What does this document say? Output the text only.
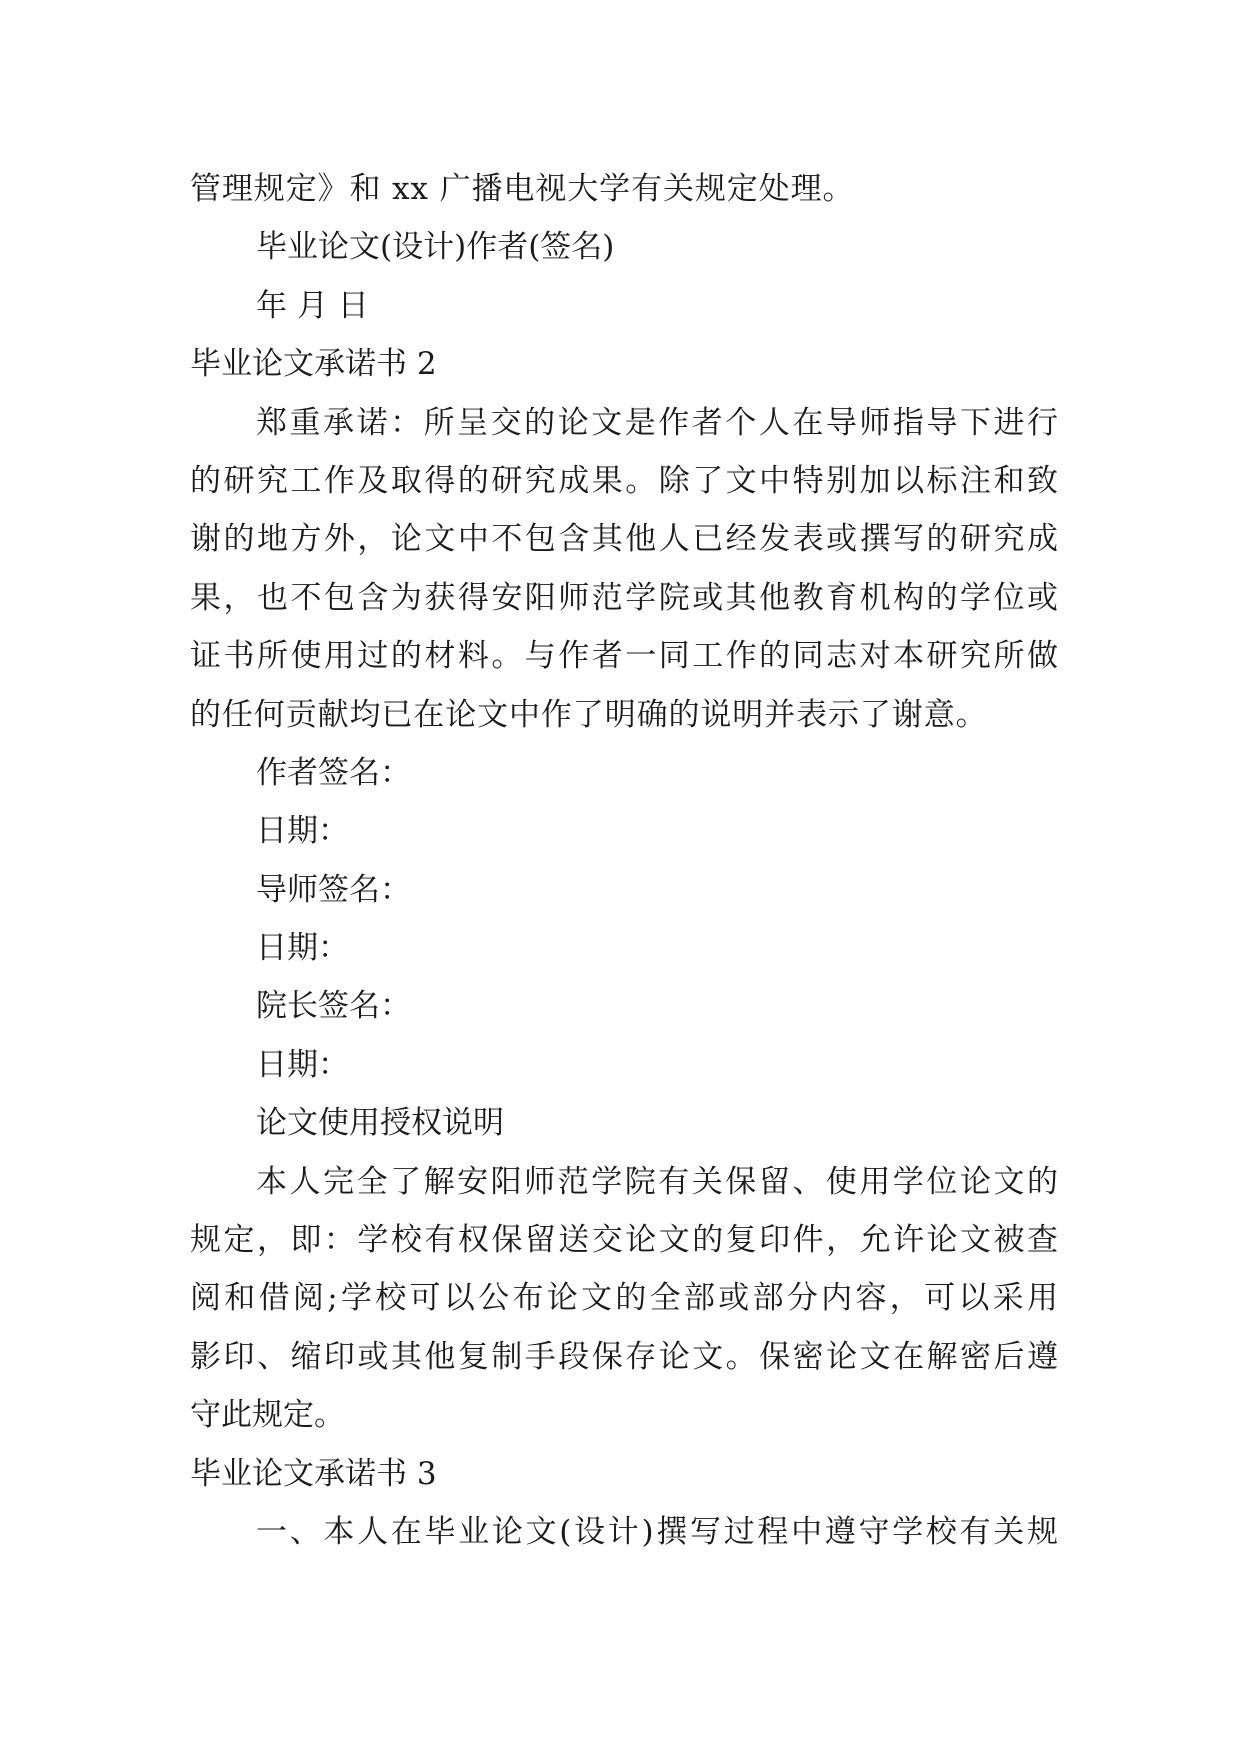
管理规定》和 xx 广播电视大学有关规定处理。
毕业论文(设计)作者(签名)
年 月 日
毕业论文承诺书 2
郑重承诺：所呈交的论文是作者个人在导师指导下进行
的研究工作及取得的研究成果。除了文中特别加以标注和致
谢的地方外，论文中不包含其他人已经发表或撰写的研究成
果，也不包含为获得安阳师范学院或其他教育机构的学位或
证书所使用过的材料。与作者一同工作的同志对本研究所做
的任何贡献均已在论文中作了明确的说明并表示了谢意。
作者签名：
日期：
导师签名：
日期：
院长签名：
日期：
论文使用授权说明
本人完全了解安阳师范学院有关保留、使用学位论文的
规定，即：学校有权保留送交论文的复印件，允许论文被查
阅和借阅;学校可以公布论文的全部或部分内容，可以采用
影印、缩印或其他复制手段保存论文。保密论文在解密后遵
守此规定。
毕业论文承诺书 3
一、本人在毕业论文(设计)撰写过程中遵守学校有关规
